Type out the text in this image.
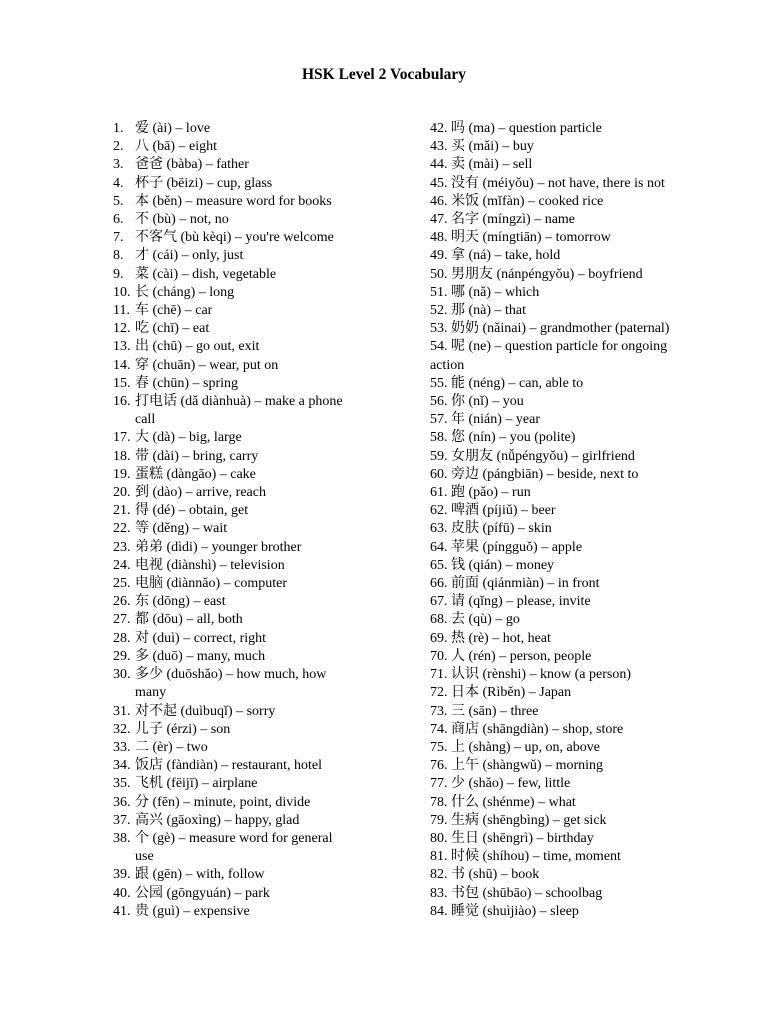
HSK Level 2 Vocabulary
1. 爱 (ài) – love
2. 八 (bā) – eight
3. 爸爸 (bàba) – father
4. 杯子 (bēizi) – cup, glass
5. 本 (běn) – measure word for books
6. 不 (bù) – not, no
7. 不客气 (bù kèqi) – you're welcome
8. 才 (cái) – only, just
9. 菜 (cài) – dish, vegetable
10. 长 (cháng) – long
11. 车 (chē) – car
12. 吃 (chī) – eat
13. 出 (chū) – go out, exit
14. 穿 (chuān) – wear, put on
15. 春 (chūn) – spring
16. 打电话 (dǎ diànhuà) – make a phone call
17. 大 (dà) – big, large
18. 带 (dài) – bring, carry
19. 蛋糕 (dàngāo) – cake
20. 到 (dào) – arrive, reach
21. 得 (dé) – obtain, get
22. 等 (děng) – wait
23. 弟弟 (dìdi) – younger brother
24. 电视 (diànshì) – television
25. 电脑 (diànnǎo) – computer
26. 东 (dōng) – east
27. 都 (dōu) – all, both
28. 对 (duì) – correct, right
29. 多 (duō) – many, much
30. 多少 (duōshǎo) – how much, how many
31. 对不起 (duìbuqǐ) – sorry
32. 儿子 (érzi) – son
33. 二 (èr) – two
34. 饭店 (fàndiàn) – restaurant, hotel
35. 飞机 (fēijī) – airplane
36. 分 (fēn) – minute, point, divide
37. 高兴 (gāoxìng) – happy, glad
38. 个 (gè) – measure word for general use
39. 跟 (gēn) – with, follow
40. 公园 (gōngyuán) – park
41. 贵 (guì) – expensive
42. 吗 (ma) – question particle
43. 买 (mǎi) – buy
44. 卖 (mài) – sell
45. 没有 (méiyǒu) – not have, there is not
46. 米饭 (mǐfàn) – cooked rice
47. 名字 (míngzì) – name
48. 明天 (míngtiān) – tomorrow
49. 拿 (ná) – take, hold
50. 男朋友 (nánpéngyǒu) – boyfriend
51. 哪 (nǎ) – which
52. 那 (nà) – that
53. 奶奶 (nǎinai) – grandmother (paternal)
54. 呢 (ne) – question particle for ongoing action
55. 能 (néng) – can, able to
56. 你 (nǐ) – you
57. 年 (nián) – year
58. 您 (nín) – you (polite)
59. 女朋友 (nǚpéngyǒu) – girlfriend
60. 旁边 (pángbiān) – beside, next to
61. 跑 (pǎo) – run
62. 啤酒 (píjiǔ) – beer
63. 皮肤 (pífū) – skin
64. 苹果 (píngguǒ) – apple
65. 钱 (qián) – money
66. 前面 (qiánmiàn) – in front
67. 请 (qǐng) – please, invite
68. 去 (qù) – go
69. 热 (rè) – hot, heat
70. 人 (rén) – person, people
71. 认识 (rènshi) – know (a person)
72. 日本 (Rìběn) – Japan
73. 三 (sān) – three
74. 商店 (shāngdiàn) – shop, store
75. 上 (shàng) – up, on, above
76. 上午 (shàngwǔ) – morning
77. 少 (shǎo) – few, little
78. 什么 (shénme) – what
79. 生病 (shēngbìng) – get sick
80. 生日 (shēngrì) – birthday
81. 时候 (shíhou) – time, moment
82. 书 (shū) – book
83. 书包 (shūbāo) – schoolbag
84. 睡觉 (shuìjiào) – sleep
